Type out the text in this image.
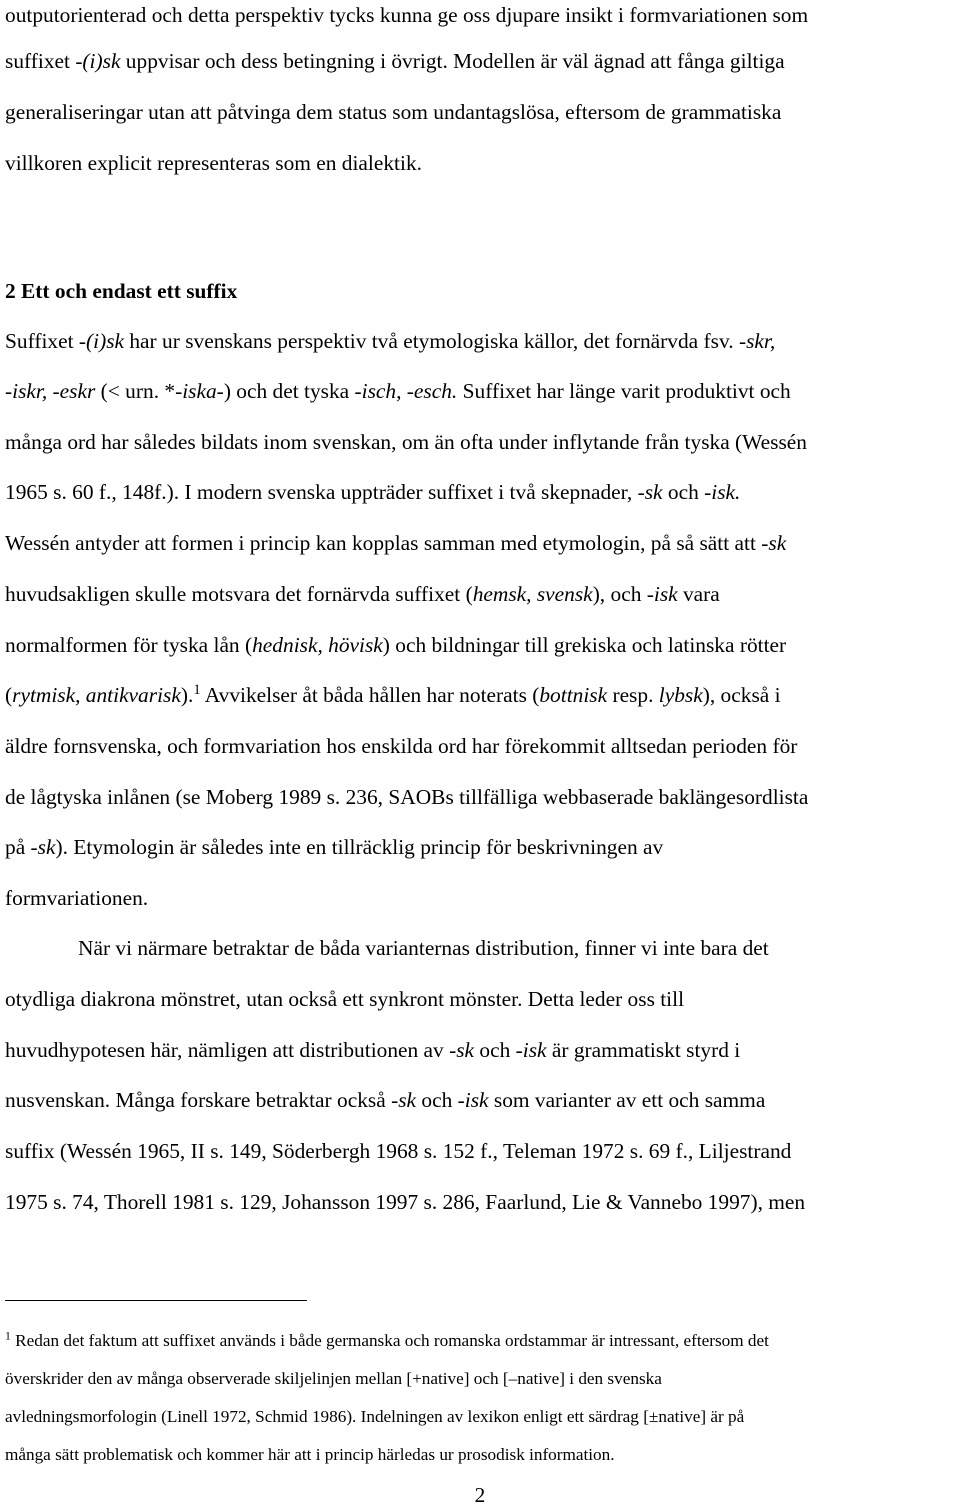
outputorienterad och detta perspektiv tycks kunna ge oss djupare insikt i formvariationen som

suffixet -(i)sk uppvisar och dess betingning i övrigt. Modellen är väl ägnad att fånga giltiga

generaliseringar utan att påtvinga dem status som undantagslösa, eftersom de grammatiska

villkoren explicit representeras som en dialektik.

2 Ett och endast ett suffix

Suffixet -(i)sk har ur svenskans perspektiv två etymologiska källor, det fornärvda fsv. -skr,

-iskr, -eskr (< urn. *-iska-) och det tyska -isch, -esch. Suffixet har länge varit produktivt och

många ord har således bildats inom svenskan, om än ofta under inflytande från tyska (Wessén

1965 s. 60 f., 148f.). I modern svenska uppträder suffixet i två skepnader, -sk och -isk.

Wessén antyder att formen i princip kan kopplas samman med etymologin, på så sätt att -sk

huvudsakligen skulle motsvara det fornärvda suffixet (hemsk, svensk), och -isk vara

normalformen för tyska lån (hednisk, hövisk) och bildningar till grekiska och latinska rötter

(rytmisk, antikvarisk).$^1$ Avvikelser åt båda hållen har noterats (bottnisk resp. lybsk), också i

äldre fornsvenska, och formvariation hos enskilda ord har förekommit alltsedan perioden för

de lågtyska inlånen (se Moberg 1989 s. 236, SAOBs tillfälliga webbaserade baklängesordlista

på -sk). Etymologin är således inte en tillräcklig princip för beskrivningen av

formvariationen.

När vi närmare betraktar de båda varianternas distribution, finner vi inte bara det

otydliga diakrona mönstret, utan också ett synkront mönster. Detta leder oss till

huvudhypotesen här, nämligen att distributionen av -sk och -isk är grammatiskt styrd i

nusvenskan. Många forskare betraktar också -sk och -isk som varianter av ett och samma

suffix (Wessén 1965, II s. 149, Söderbergh 1968 s. 152 f., Teleman 1972 s. 69 f., Liljestrand

1975 s. 74, Thorell 1981 s. 129, Johansson 1997 s. 286, Faarlund, Lie & Vannebo 1997), men

$^1$ Redan det faktum att suffixet används i både germanska och romanska ordstammar är intressant, eftersom det

överskrider den av många observerade skiljelinjen mellan [+native] och [–native] i den svenska

avledningsmorfologin (Linell 1972, Schmid 1986). Indelningen av lexikon enligt ett särdrag [±native] är på

många sätt problematisk och kommer här att i princip härledas ur prosodisk information.

2
